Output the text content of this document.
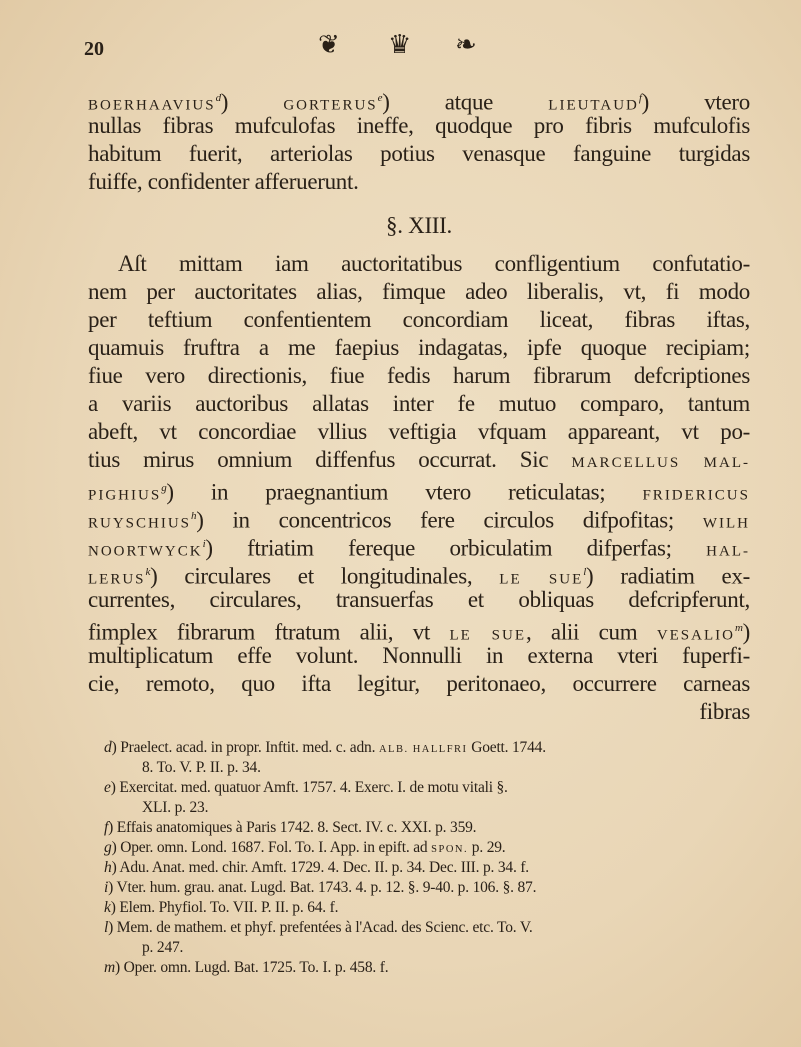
20	❦ ♛ ❧
BOERHAAVIUS$^d$) GORTERUS$^e$) atque LIEUTAUD$^f$) vtero
nullas fibras mufculofas ineffe, quodque pro fibris mufculofis
habitum fuerit, arteriolas potius venasque fanguine turgidas
fuiffe, confidenter afferuerunt.
§. XIII.
Aſt mittam iam auctoritatibus confligentium confutatio-
nem per auctoritates alias, fimque adeo liberalis, vt, fi modo
per teftium confentientem concordiam liceat, fibras iftas,
quamuis fruftra a me faepius indagatas, ipfe quoque recipiam;
fiue vero directionis, fiue fedis harum fibrarum defcriptiones
a variis auctoribus allatas inter fe mutuo comparo, tantum
abeft, vt concordiae vllius veftigia vfquam appareant, vt po-
tius mirus omnium diffenfus occurrat. Sic MARCELLUS MAL-
PIGHIUS$^g$) in praegnantium vtero reticulatas; FRIDERICUS
RUYSCHIUS$^h$) in concentricos fere circulos difpofitas; WILH
NOORTWYCK$^i$) ftriatim fereque orbiculatim difperfas; HAL-
LERUS$^k$) circulares et longitudinales, LE SUE$^l$) radiatim ex-
currentes, circulares, transuerfas et obliquas defcripferunt,
fimplex fibrarum ftratum alii, vt LE SUE, alii cum VESALIO$^m$)
multiplicatum effe volunt. Nonnulli in externa vteri fuperfi-
cie, remoto, quo ifta legitur, peritonaeo, occurrere carneas
fibras
d) Praelect. acad. in propr. Inftit. med. c. adn. ALB. HALLFRI Goett. 1744.
8. To. V. P. II. p. 34.
e) Exercitat. med. quatuor Amft. 1757. 4. Exerc. I. de motu vitali §.
XLI. p. 23.
f) Effais anatomiques à Paris 1742. 8. Sect. IV. c. XXI. p. 359.
g) Oper. omn. Lond. 1687. Fol. To. I. App. in epift. ad SPON. p. 29.
h) Adu. Anat. med. chir. Amft. 1729. 4. Dec. II. p. 34. Dec. III. p. 34. f.
i) Vter. hum. grau. anat. Lugd. Bat. 1743. 4. p. 12. §. 9-40. p. 106. §. 87.
k) Elem. Phyfiol. To. VII. P. II. p. 64. f.
l) Mem. de mathem. et phyf. prefentées à l'Acad. des Scienc. etc. To. V.
p. 247.
m) Oper. omn. Lugd. Bat. 1725. To. I. p. 458. f.
